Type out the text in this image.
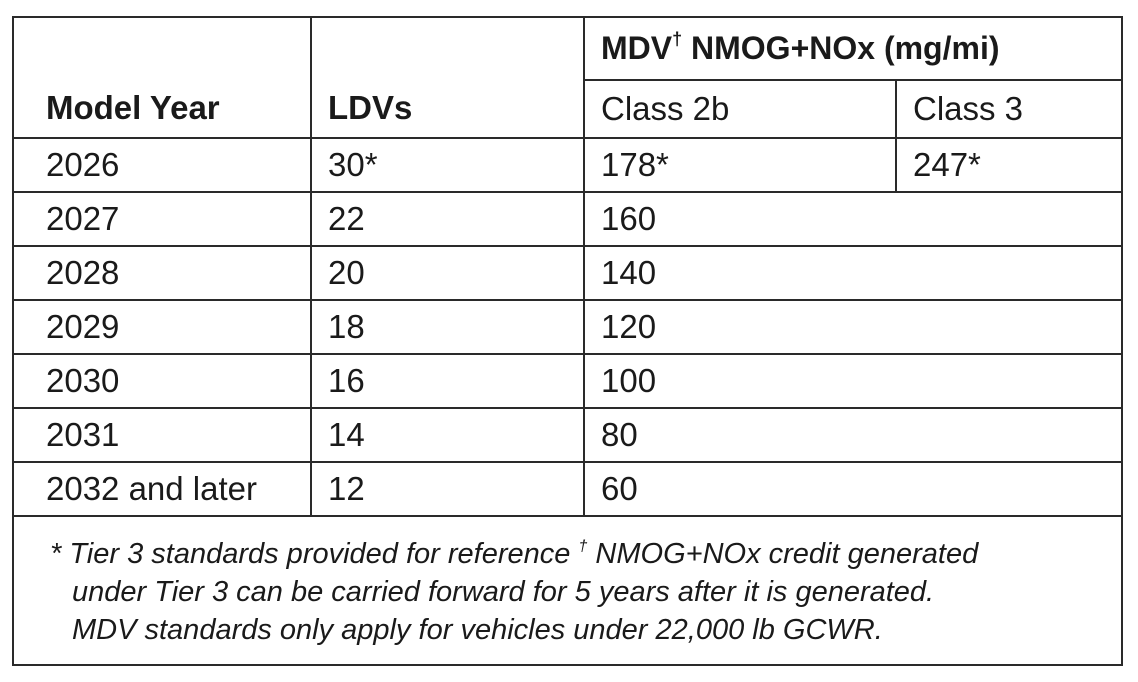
Model Year	LDVs	MDV† NMOG+NOx (mg/mi)	
		Class 2b	Class 3
2026	30*	178*	247*
2027	22	160	
2028	20	140	
2029	18	120	
2030	16	100	
2031	14	80	
2032 and later	12	60	
* Tier 3 standards provided for reference † NMOG+NOx credit generated
under Tier 3 can be carried forward for 5 years after it is generated.
MDV standards only apply for vehicles under 22,000 lb GCWR.
